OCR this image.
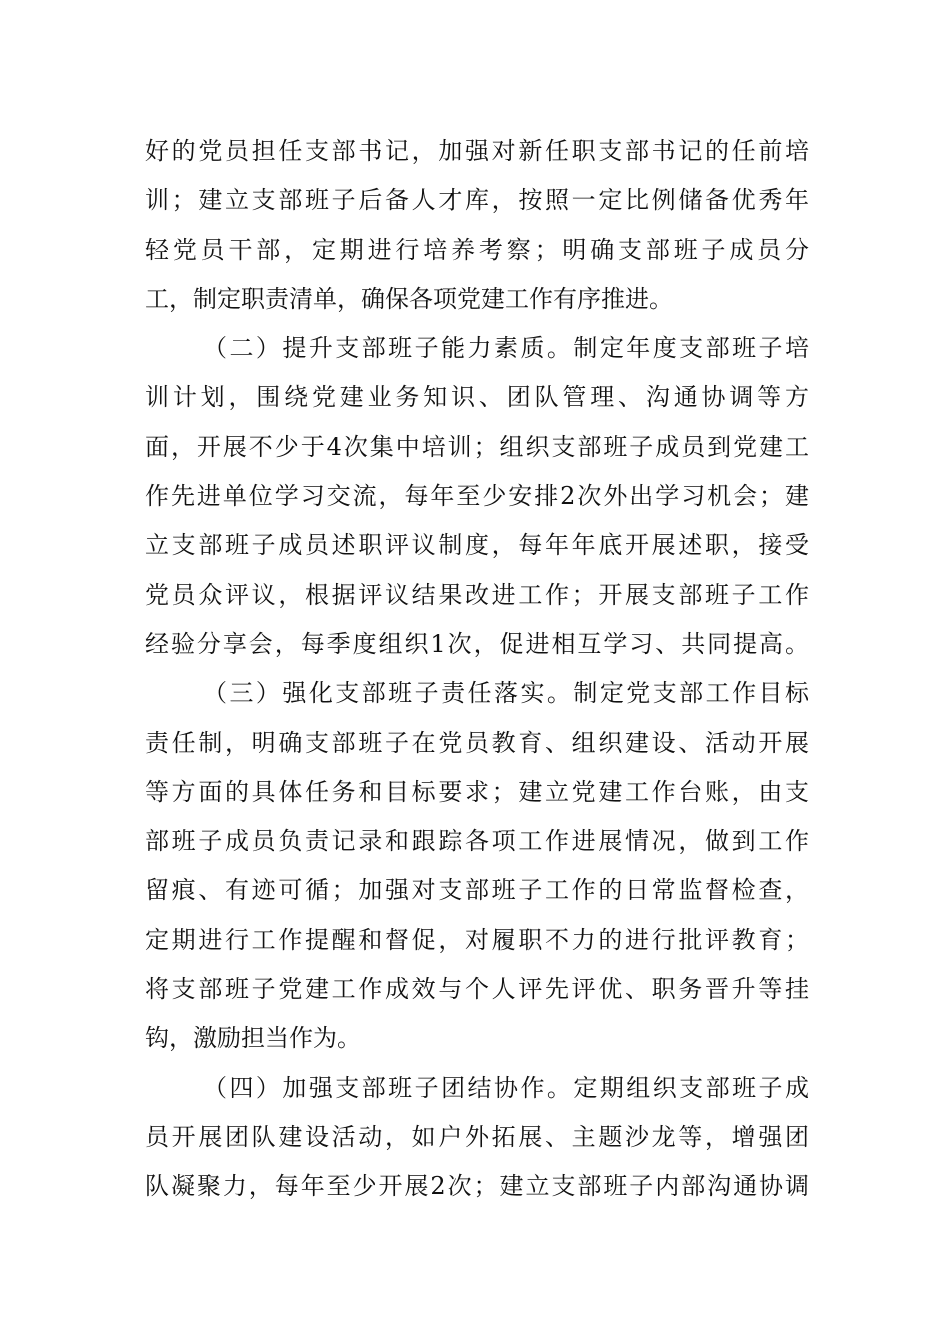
好的党员担任支部书记，加强对新任职支部书记的任前培
训；建立支部班子后备人才库，按照一定比例储备优秀年
轻党员干部，定期进行培养考察；明确支部班子成员分
工，制定职责清单，确保各项党建工作有序推进。
（二）提升支部班子能力素质。制定年度支部班子培
训计划，围绕党建业务知识、团队管理、沟通协调等方
面，开展不少于4次集中培训；组织支部班子成员到党建工
作先进单位学习交流，每年至少安排2次外出学习机会；建
立支部班子成员述职评议制度，每年年底开展述职，接受
党员众评议，根据评议结果改进工作；开展支部班子工作
经验分享会，每季度组织1次，促进相互学习、共同提高。
（三）强化支部班子责任落实。制定党支部工作目标
责任制，明确支部班子在党员教育、组织建设、活动开展
等方面的具体任务和目标要求；建立党建工作台账，由支
部班子成员负责记录和跟踪各项工作进展情况，做到工作
留痕、有迹可循；加强对支部班子工作的日常监督检查，
定期进行工作提醒和督促，对履职不力的进行批评教育；
将支部班子党建工作成效与个人评先评优、职务晋升等挂
钩，激励担当作为。
（四）加强支部班子团结协作。定期组织支部班子成
员开展团队建设活动，如户外拓展、主题沙龙等，增强团
队凝聚力，每年至少开展2次；建立支部班子内部沟通协调
